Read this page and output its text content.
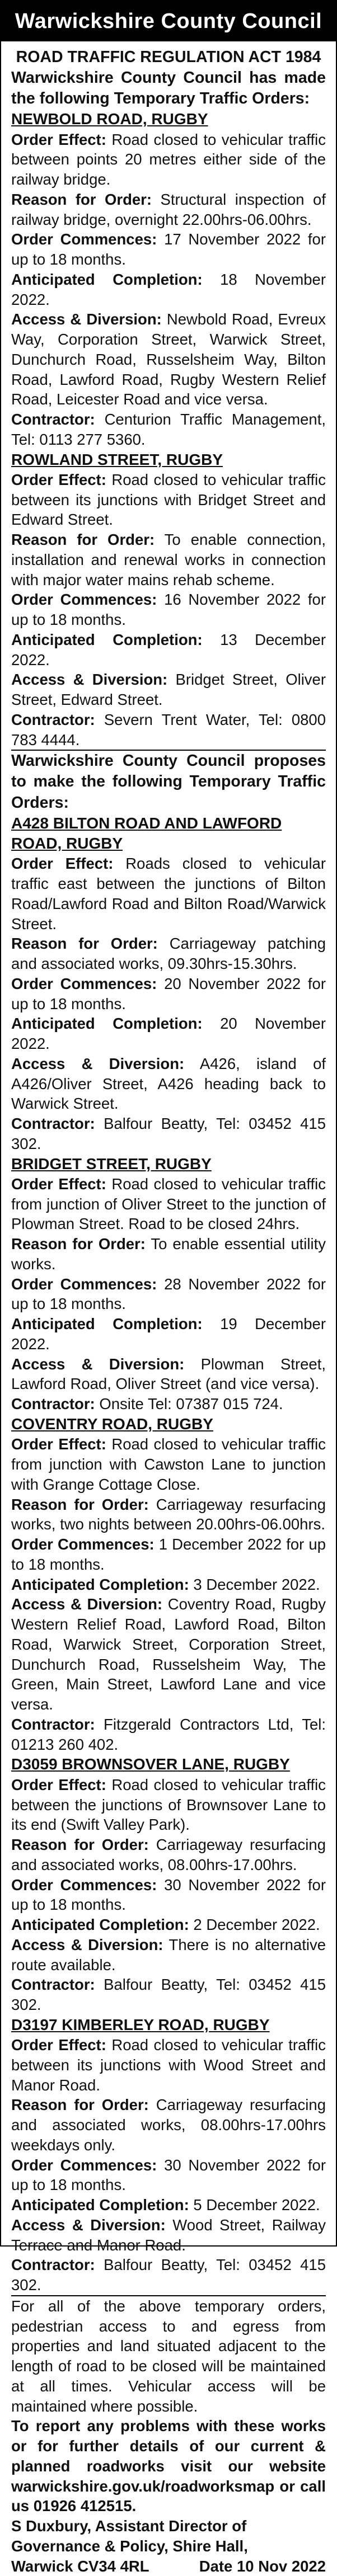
Warwickshire County Council
ROAD TRAFFIC REGULATION ACT 1984
Warwickshire County Council has made the following Temporary Traffic Orders:
NEWBOLD ROAD, RUGBY
Order Effect: Road closed to vehicular traffic between points 20 metres either side of the railway bridge.
Reason for Order: Structural inspection of railway bridge, overnight 22.00hrs-06.00hrs.
Order Commences: 17 November 2022 for up to 18 months.
Anticipated Completion: 18 November 2022.
Access & Diversion: Newbold Road, Evreux Way, Corporation Street, Warwick Street, Dunchurch Road, Russelsheim Way, Bilton Road, Lawford Road, Rugby Western Relief Road, Leicester Road and vice versa.
Contractor: Centurion Traffic Management, Tel: 0113 277 5360.
ROWLAND STREET, RUGBY
Order Effect: Road closed to vehicular traffic between its junctions with Bridget Street and Edward Street.
Reason for Order: To enable connection, installation and renewal works in connection with major water mains rehab scheme.
Order Commences: 16 November 2022 for up to 18 months.
Anticipated Completion: 13 December 2022.
Access & Diversion: Bridget Street, Oliver Street, Edward Street.
Contractor: Severn Trent Water, Tel: 0800 783 4444.
Warwickshire County Council proposes to make the following Temporary Traffic Orders:
A428 BILTON ROAD AND LAWFORD ROAD, RUGBY
Order Effect: Roads closed to vehicular traffic east between the junctions of Bilton Road/Lawford Road and Bilton Road/Warwick Street.
Reason for Order: Carriageway patching and associated works, 09.30hrs-15.30hrs.
Order Commences: 20 November 2022 for up to 18 months.
Anticipated Completion: 20 November 2022.
Access & Diversion: A426, island of A426/Oliver Street, A426 heading back to Warwick Street.
Contractor: Balfour Beatty, Tel: 03452 415 302.
BRIDGET STREET, RUGBY
Order Effect: Road closed to vehicular traffic from junction of Oliver Street to the junction of Plowman Street. Road to be closed 24hrs.
Reason for Order: To enable essential utility works.
Order Commences: 28 November 2022 for up to 18 months.
Anticipated Completion: 19 December 2022.
Access & Diversion: Plowman Street, Lawford Road, Oliver Street (and vice versa).
Contractor: Onsite Tel: 07387 015 724.
COVENTRY ROAD, RUGBY
Order Effect: Road closed to vehicular traffic from junction with Cawston Lane to junction with Grange Cottage Close.
Reason for Order: Carriageway resurfacing works, two nights between 20.00hrs-06.00hrs.
Order Commences: 1 December 2022 for up to 18 months.
Anticipated Completion: 3 December 2022.
Access & Diversion: Coventry Road, Rugby Western Relief Road, Lawford Road, Bilton Road, Warwick Street, Corporation Street, Dunchurch Road, Russelsheim Way, The Green, Main Street, Lawford Lane and vice versa.
Contractor: Fitzgerald Contractors Ltd, Tel: 01213 260 402.
D3059 BROWNSOVER LANE, RUGBY
Order Effect: Road closed to vehicular traffic between the junctions of Brownsover Lane to its end (Swift Valley Park).
Reason for Order: Carriageway resurfacing and associated works, 08.00hrs-17.00hrs.
Order Commences: 30 November 2022 for up to 18 months.
Anticipated Completion: 2 December 2022.
Access & Diversion: There is no alternative route available.
Contractor: Balfour Beatty, Tel: 03452 415 302.
D3197 KIMBERLEY ROAD, RUGBY
Order Effect: Road closed to vehicular traffic between its junctions with Wood Street and Manor Road.
Reason for Order: Carriageway resurfacing and associated works, 08.00hrs-17.00hrs weekdays only.
Order Commences: 30 November 2022 for up to 18 months.
Anticipated Completion: 5 December 2022.
Access & Diversion: Wood Street, Railway Terrace and Manor Road.
Contractor: Balfour Beatty, Tel: 03452 415 302.
For all of the above temporary orders, pedestrian access to and egress from properties and land situated adjacent to the length of road to be closed will be maintained at all times. Vehicular access will be maintained where possible.
To report any problems with these works or for further details of our current & planned roadworks visit our website warwickshire.gov.uk/roadworksmap or call us 01926 412515.
S Duxbury, Assistant Director of
Governance & Policy, Shire Hall,
Warwick CV34 4RL	Date 10 Nov 2022
